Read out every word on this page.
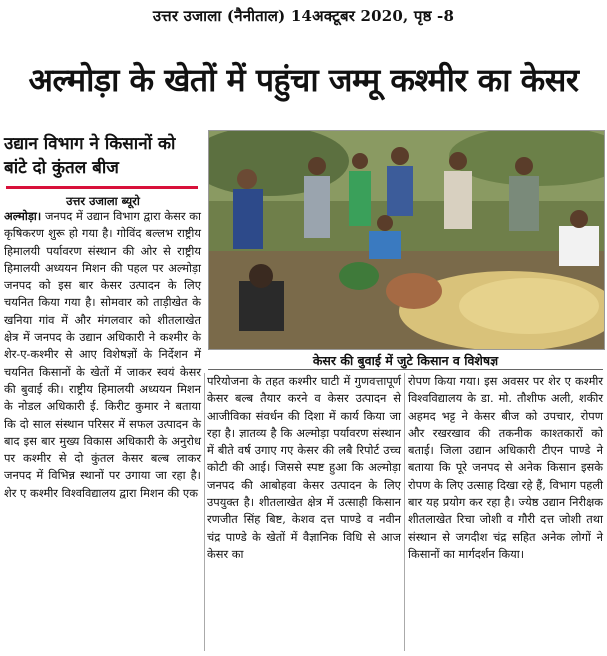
उत्तर उजाला (नैनीताल) 14अक्टूबर 2020, पृष्ठ -8
अल्मोड़ा के खेतों में पहुंचा जम्मू कश्मीर का केसर
उद्यान विभाग ने किसानों को बांटे दो कुंतल बीज
उत्तर उजाला ब्यूरो

अल्मोड़ा। जनपद में उद्यान विभाग द्वारा केसर का कृषिकरण शुरू हो गया है। गोविंद बल्लभ राष्ट्रीय हिमालयी पर्यावरण संस्थान की ओर से राष्ट्रीय हिमालयी अध्ययन मिशन की पहल पर अल्मोड़ा जनपद को इस बार केसर उत्पादन के लिए चयनित किया गया है। सोमवार को ताड़ीखेत के खनिया गांव में और मंगलवार को शीतलाखेत क्षेत्र में जनपद के उद्यान अधिकारी ने कश्मीर के शेर-ए-कश्मीर से आए विशेषज्ञों के निर्देशन में चयनित किसानों के खेतों में जाकर स्वयं केसर की बुवाई की। राष्ट्रीय हिमालयी अध्ययन मिशन के नोडल अधिकारी ई. किरीट कुमार ने बताया कि दो साल संस्थान परिसर में सफल उत्पादन के बाद इस बार मुख्य विकास अधिकारी के अनुरोध पर कश्मीर से दो कुंतल केसर बल्ब लाकर जनपद में विभिन्न स्थानों पर उगाया जा रहा है। शेर ए कश्मीर विश्वविद्यालय द्वारा मिशन की एक

केसर की बुवाई में जुटे किसान व विशेषज्ञ

परियोजना के तहत कश्मीर घाटी में गुणवत्तापूर्ण केसर बल्ब तैयार करने व केसर उत्पादन से आजीविका संवर्धन की दिशा में कार्य किया जा रहा है। ज्ञातव्य है कि अल्मोड़ा पर्यावरण संस्थान में बीते वर्ष उगाए गए केसर की लबै रिपोर्ट उच्च कोटी की आई। जिससे स्पष्ट हुआ कि अल्मोड़ा जनपद की आबोहवा केसर उत्पादन के लिए उपयुक्त है। शीतलाखेत क्षेत्र में उत्साही किसान रणजीत सिंह बिष्ट, केशव दत्त पाण्डे व नवीन चंद्र पाण्डे के खेतों में वैज्ञानिक विधि से आज केसर का

रोपण किया गया। इस अवसर पर शेर ए कश्मीर विश्वविद्यालय के डा. मो. तौशीफ अली, शकीर अहमद भट्ट ने केसर बीज को उपचार, रोपण और रखरखाव की तकनीक काश्तकारों को बताई। जिला उद्यान अधिकारी टीएन पाण्डे ने बताया कि पूरे जनपद से अनेक किसान इसके रोपण के लिए उत्साह दिखा रहे हैं, विभाग पहली बार यह प्रयोग कर रहा है। ज्येष्ठ उद्यान निरीक्षक शीतलाखेत रिचा जोशी व गौरी दत्त जोशी तथा संस्थान से जगदीश चंद्र सहित अनेक लोगों ने किसानों का मार्गदर्शन किया।
